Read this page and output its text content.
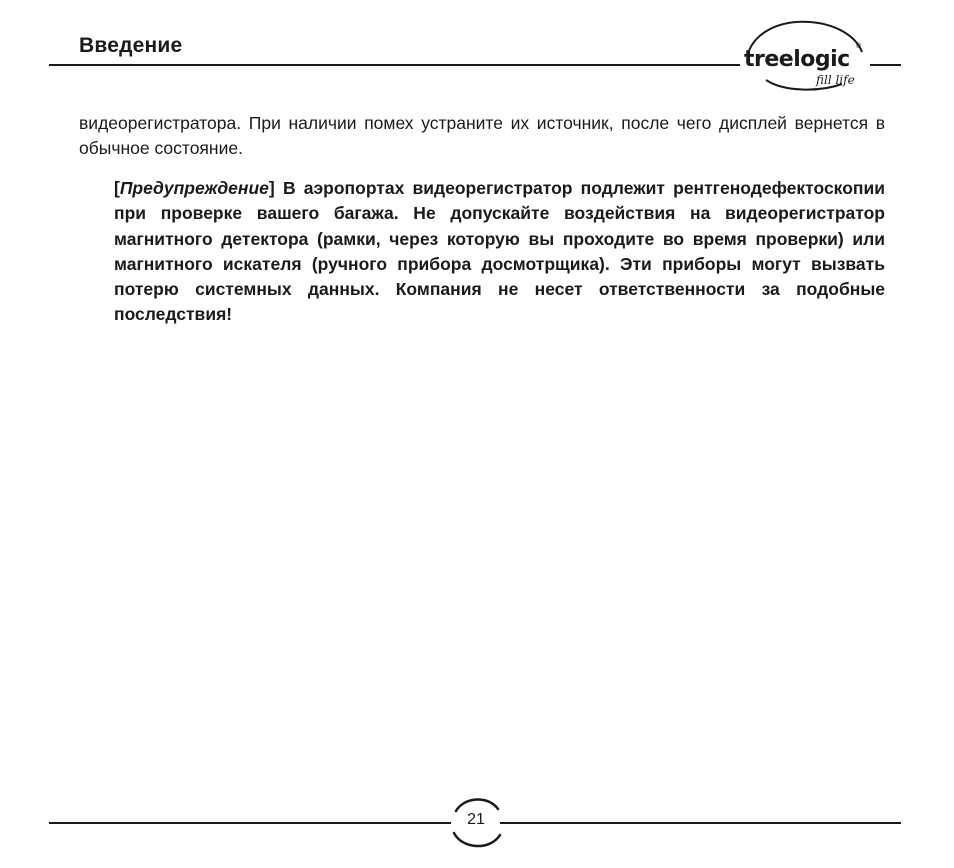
Введение
treelogic
®
fill life

видеорегистратора. При наличии помех устраните их источник, после чего дисплей вернется в обычное состояние.

[Предупреждение] В аэропортах видеорегистратор подлежит рентгенодефектоскопии при проверке вашего багажа. Не допускайте воздействия на видеорегистратор магнитного детектора (рамки, через которую вы проходите во время проверки) или магнитного искателя (ручного прибора досмотрщика). Эти приборы могут вызвать потерю системных данных. Компания не несет ответственности за подобные последствия!

21
